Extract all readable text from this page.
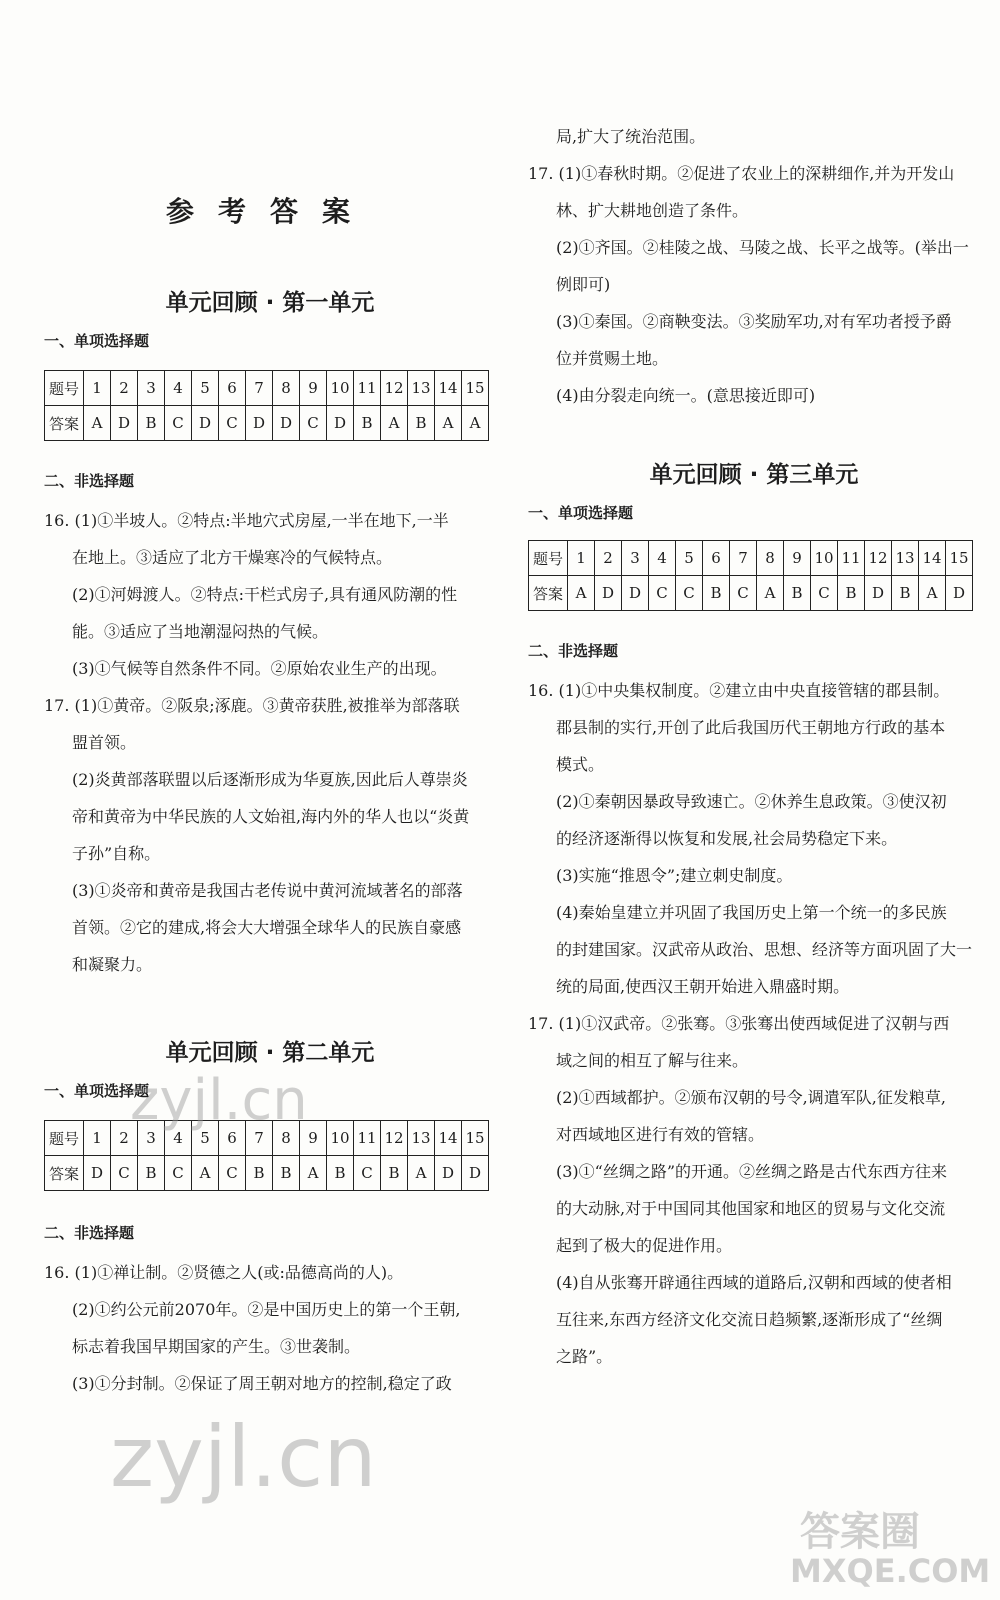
参考答案
单元回顾 · 第一单元
一、单项选择题
题号	1	2	3	4	5	6	7	8	9	10	11	12	13	14	15
答案	A	D	B	C	D	C	D	D	C	D	B	A	B	A	A
二、非选择题

16. (1)①半坡人。②特点:半地穴式房屋,一半在地下,一半

在地上。③适应了北方干燥寒冷的气候特点。

(2)①河姆渡人。②特点:干栏式房子,具有通风防潮的性

能。③适应了当地潮湿闷热的气候。

(3)①气候等自然条件不同。②原始农业生产的出现。

17. (1)①黄帝。②阪泉;涿鹿。③黄帝获胜,被推举为部落联

盟首领。

(2)炎黄部落联盟以后逐渐形成为华夏族,因此后人尊崇炎

帝和黄帝为中华民族的人文始祖,海内外的华人也以“炎黄

子孙”自称。

(3)①炎帝和黄帝是我国古老传说中黄河流域著名的部落

首领。②它的建成,将会大大增强全球华人的民族自豪感

和凝聚力。

单元回顾 · 第二单元
一、单项选择题
题号	1	2	3	4	5	6	7	8	9	10	11	12	13	14	15
答案	D	C	B	C	A	C	B	B	A	B	C	B	A	D	D
二、非选择题

16. (1)①禅让制。②贤德之人(或:品德高尚的人)。

(2)①约公元前2070年。②是中国历史上的第一个王朝,

标志着我国早期国家的产生。③世袭制。

(3)①分封制。②保证了周王朝对地方的控制,稳定了政

局,扩大了统治范围。

17. (1)①春秋时期。②促进了农业上的深耕细作,并为开发山

林、扩大耕地创造了条件。

(2)①齐国。②桂陵之战、马陵之战、长平之战等。(举出一

例即可)

(3)①秦国。②商鞅变法。③奖励军功,对有军功者授予爵

位并赏赐土地。

(4)由分裂走向统一。(意思接近即可)

单元回顾 · 第三单元
一、单项选择题
题号	1	2	3	4	5	6	7	8	9	10	11	12	13	14	15
答案	A	D	D	C	C	B	C	A	B	C	B	D	B	A	D
二、非选择题

16. (1)①中央集权制度。②建立由中央直接管辖的郡县制。

郡县制的实行,开创了此后我国历代王朝地方行政的基本

模式。

(2)①秦朝因暴政导致速亡。②休养生息政策。③使汉初

的经济逐渐得以恢复和发展,社会局势稳定下来。

(3)实施“推恩令”;建立刺史制度。

(4)秦始皇建立并巩固了我国历史上第一个统一的多民族

的封建国家。汉武帝从政治、思想、经济等方面巩固了大一

统的局面,使西汉王朝开始进入鼎盛时期。

17. (1)①汉武帝。②张骞。③张骞出使西域促进了汉朝与西

域之间的相互了解与往来。

(2)①西域都护。②颁布汉朝的号令,调遣军队,征发粮草,

对西域地区进行有效的管辖。

(3)①“丝绸之路”的开通。②丝绸之路是古代东西方往来

的大动脉,对于中国同其他国家和地区的贸易与文化交流

起到了极大的促进作用。

(4)自从张骞开辟通往西域的道路后,汉朝和西域的使者相

互往来,东西方经济文化交流日趋频繁,逐渐形成了“丝绸

之路”。

zyjl.cn
zyjl.cn
答案圈
MXQE.COM
